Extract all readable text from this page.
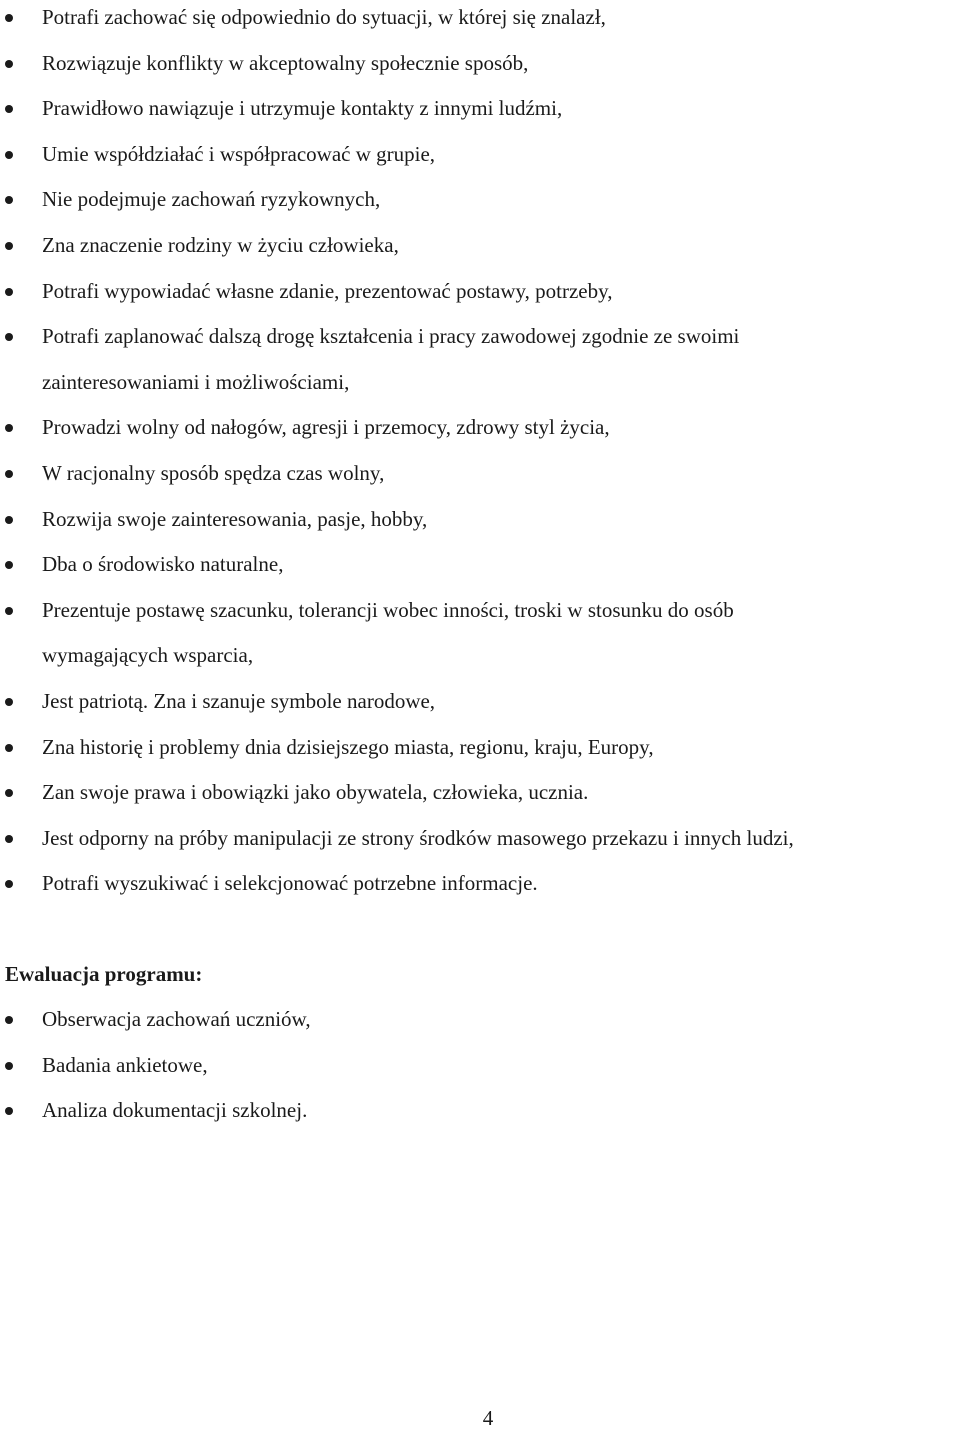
Potrafi zachować się odpowiednio do sytuacji, w której się znalazł,
Rozwiązuje konflikty w akceptowalny społecznie sposób,
Prawidłowo nawiązuje i utrzymuje kontakty z innymi ludźmi,
Umie współdziałać i współpracować w grupie,
Nie podejmuje zachowań ryzykownych,
Zna znaczenie rodziny w życiu człowieka,
Potrafi wypowiadać własne zdanie, prezentować postawy, potrzeby,
Potrafi zaplanować dalszą drogę kształcenia i pracy zawodowej zgodnie ze swoimi
zainteresowaniami i możliwościami,
Prowadzi wolny od nałogów, agresji i przemocy, zdrowy styl życia,
W racjonalny sposób spędza czas wolny,
Rozwija swoje zainteresowania, pasje, hobby,
Dba o środowisko naturalne,
Prezentuje postawę szacunku, tolerancji wobec inności, troski w stosunku do osób
wymagających wsparcia,
Jest patriotą. Zna i szanuje symbole narodowe,
Zna historię i problemy dnia dzisiejszego miasta, regionu, kraju, Europy,
Zan swoje prawa i obowiązki jako obywatela, człowieka, ucznia.
Jest odporny na próby manipulacji ze strony środków masowego przekazu i innych ludzi,
Potrafi wyszukiwać i selekcjonować potrzebne informacje.
Ewaluacja programu:
Obserwacja zachowań uczniów,
Badania ankietowe,
Analiza dokumentacji szkolnej.
4
